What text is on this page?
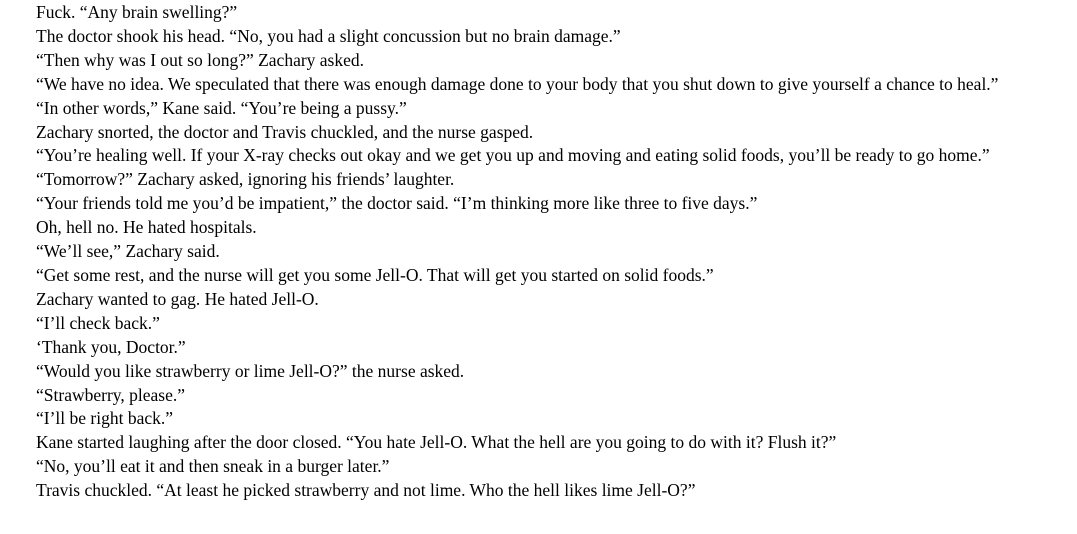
Fuck. “Any brain swelling?”
The doctor shook his head. “No, you had a slight concussion but no brain damage.”
“Then why was I out so long?” Zachary asked.
“We have no idea. We speculated that there was enough damage done to your body that you shut down to give yourself a chance to heal.”
“In other words,” Kane said. “You’re being a pussy.”
Zachary snorted, the doctor and Travis chuckled, and the nurse gasped.
“You’re healing well. If your X-ray checks out okay and we get you up and moving and eating solid foods, you’ll be ready to go home.”
“Tomorrow?” Zachary asked, ignoring his friends’ laughter.
“Your friends told me you’d be impatient,” the doctor said. “I’m thinking more like three to five days.”
Oh, hell no. He hated hospitals.
“We’ll see,” Zachary said.
“Get some rest, and the nurse will get you some Jell-O. That will get you started on solid foods.”
Zachary wanted to gag. He hated Jell-O.
“I’ll check back.”
‘Thank you, Doctor.”
“Would you like strawberry or lime Jell-O?” the nurse asked.
“Strawberry, please.”
“I’ll be right back.”
Kane started laughing after the door closed. “You hate Jell-O. What the hell are you going to do with it? Flush it?”
“No, you’ll eat it and then sneak in a burger later.”
Travis chuckled. “At least he picked strawberry and not lime. Who the hell likes lime Jell-O?”
